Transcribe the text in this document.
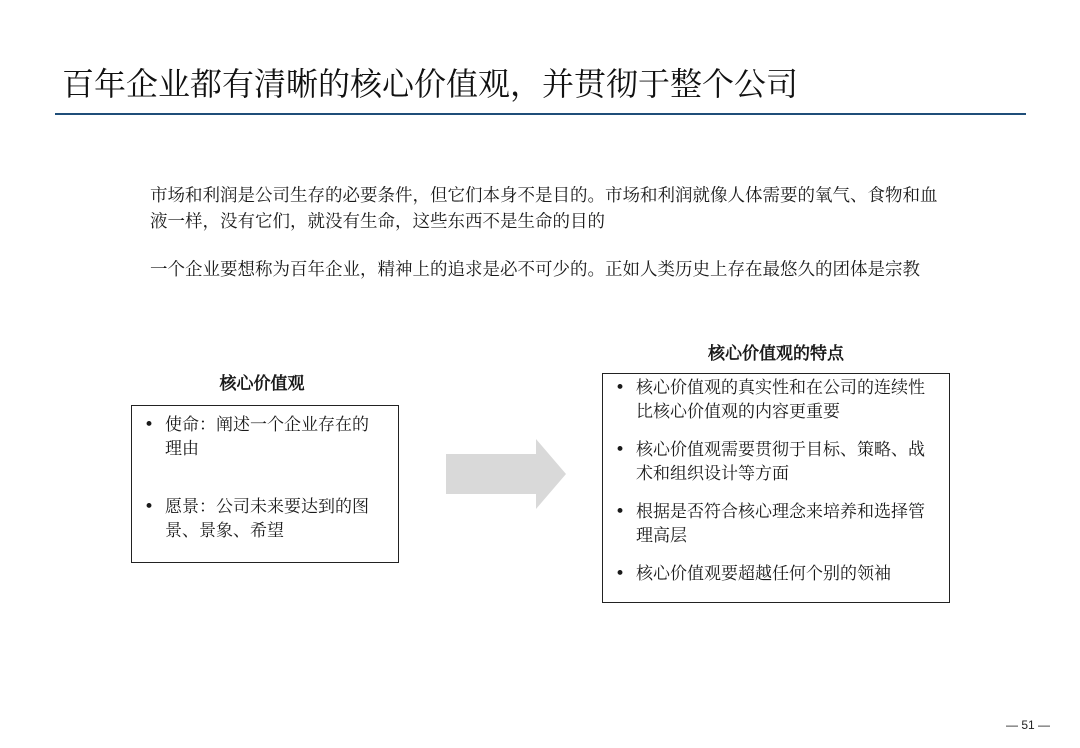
百年企业都有清晰的核心价值观，并贯彻于整个公司

市场和利润是公司生存的必要条件，但它们本身不是目的。市场和利润就像人体需要的氧气、食物和血液一样，没有它们，就没有生命，这些东西不是生命的目的

一个企业要想称为百年企业，精神上的追求是必不可少的。正如人类历史上存在最悠久的团体是宗教

核心价值观
• 使命：阐述一个企业存在的理由
• 愿景：公司未来要达到的图景、景象、希望
核心价值观的特点
• 核心价值观的真实性和在公司的连续性比核心价值观的内容更重要
• 核心价值观需要贯彻于目标、策略、战术和组织设计等方面
• 根据是否符合核心理念来培养和选择管理高层
• 核心价值观要超越任何个别的领袖
— 51 —
